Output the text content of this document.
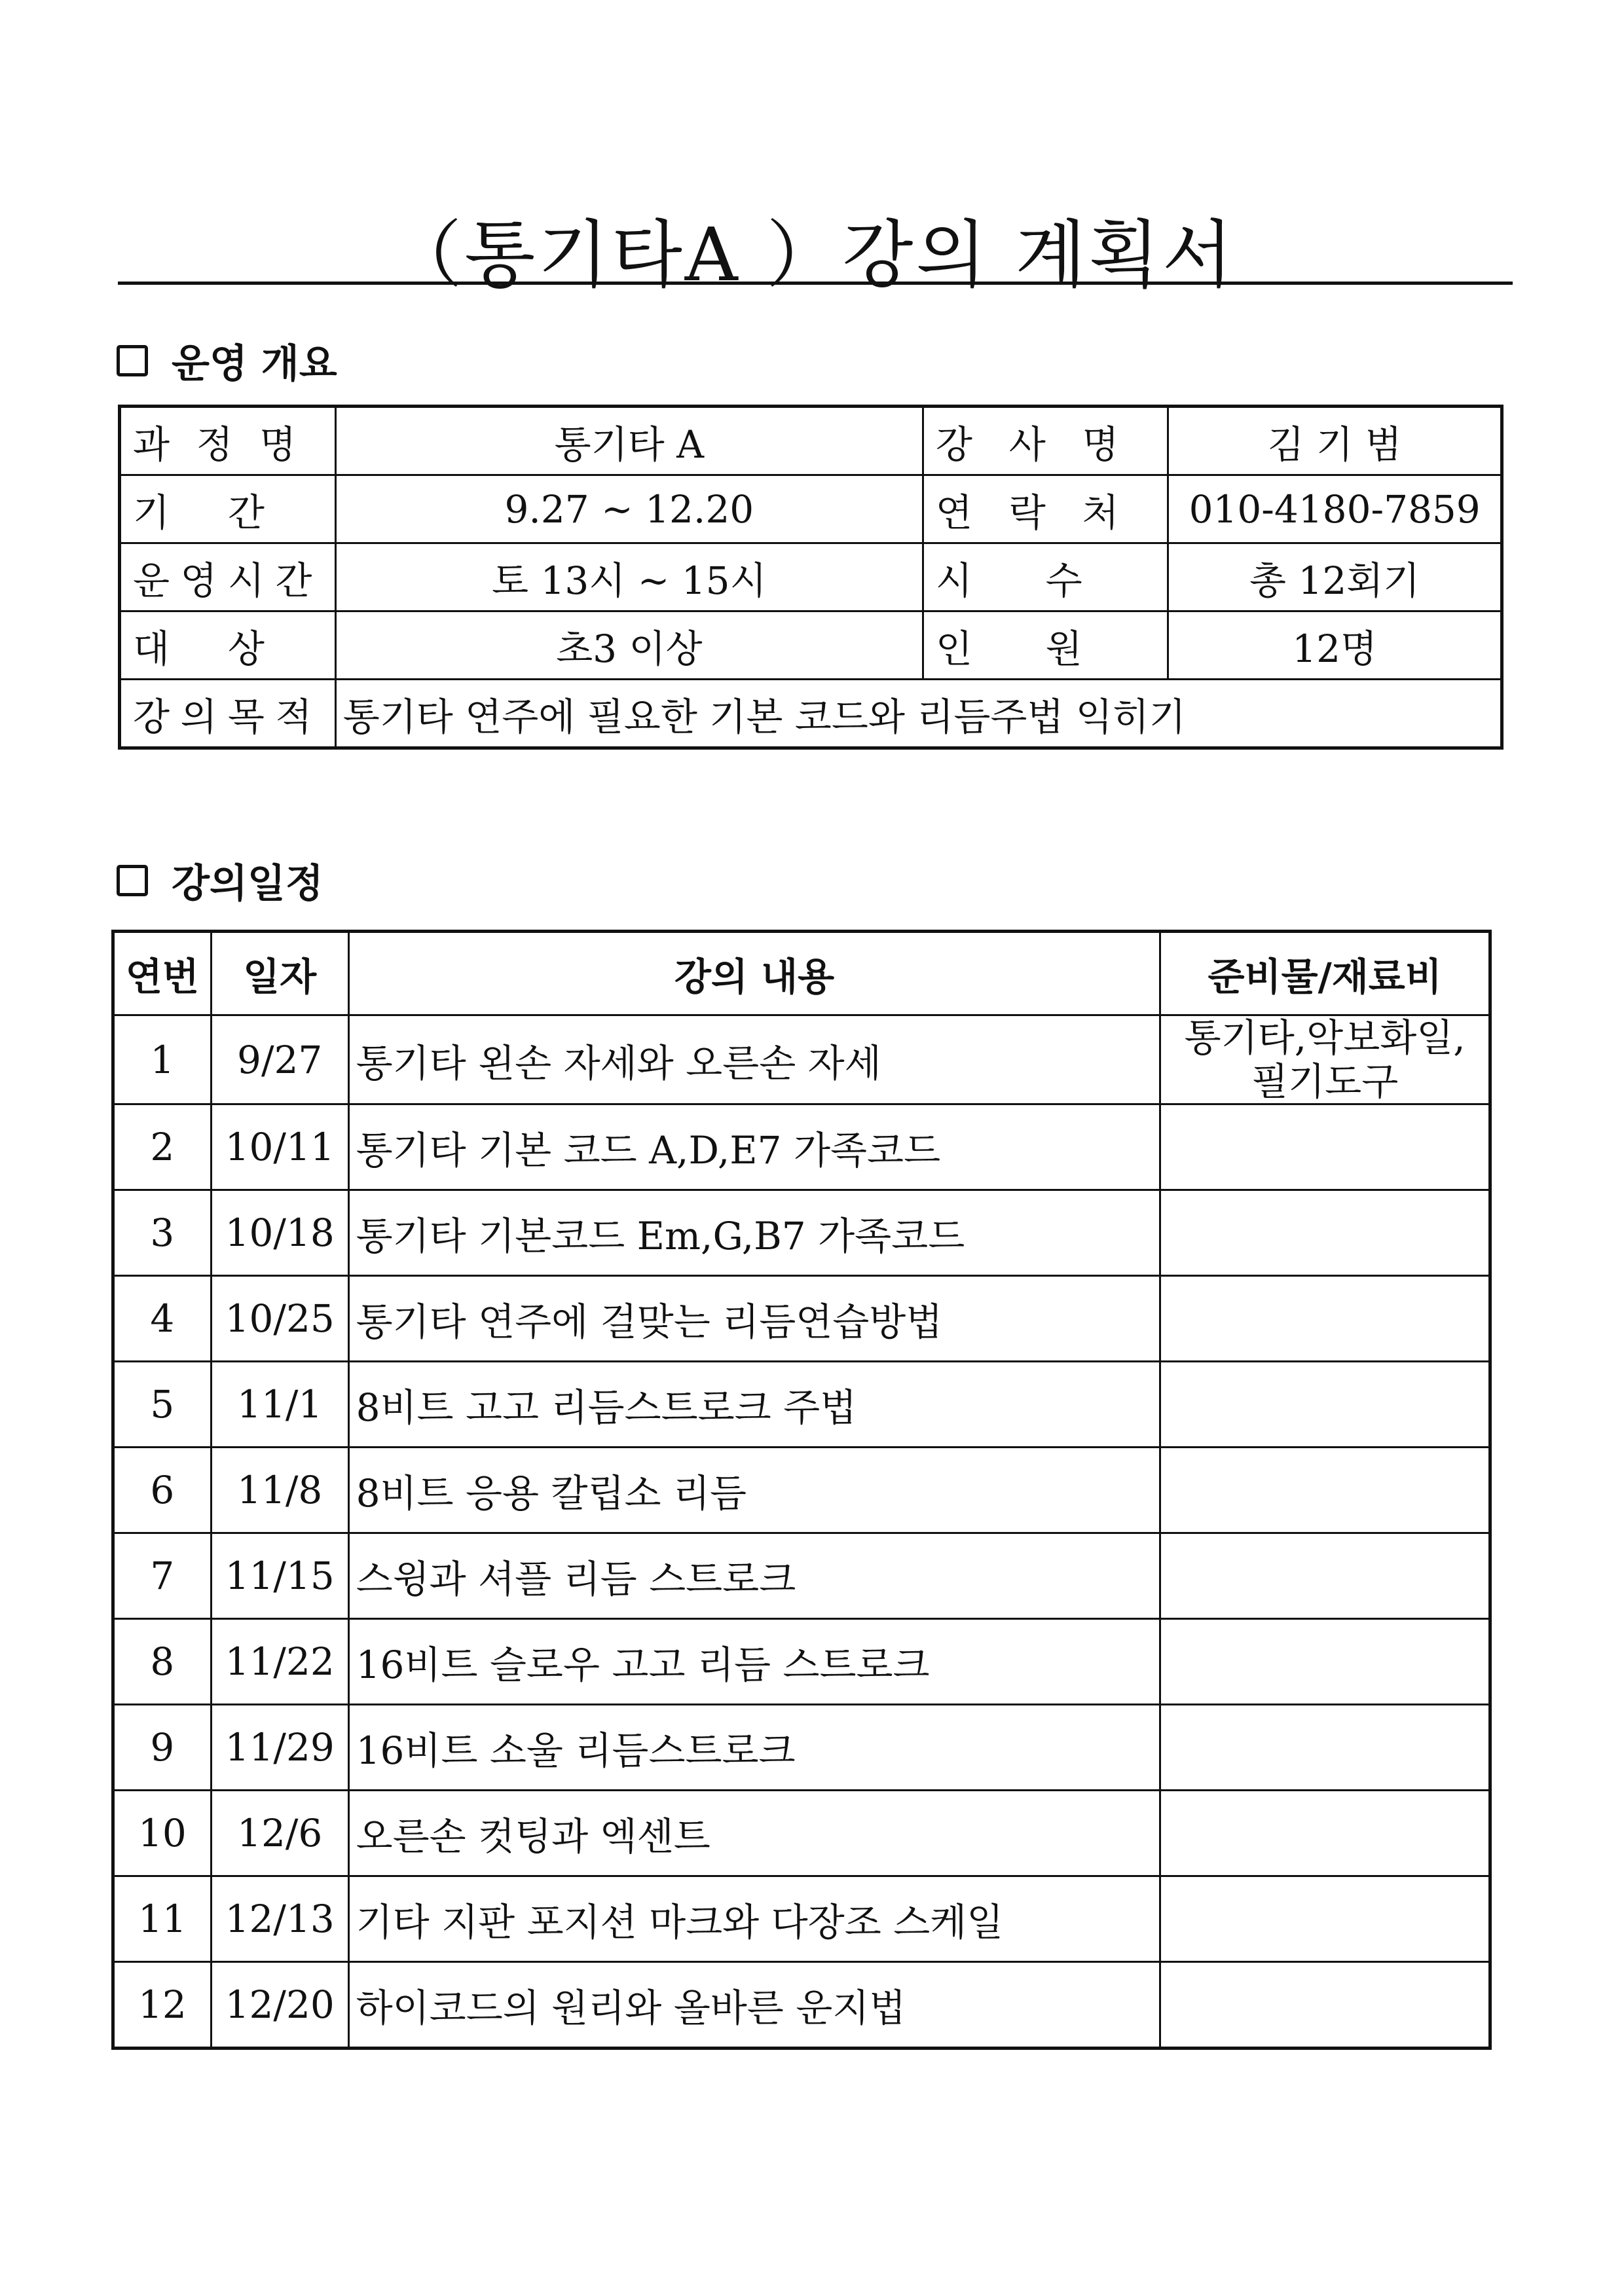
（통기타A ）강의 계획서
운영 개요
과 정 명	통기타 A	강 사 명	김 기 범

기 간	9.27 ~ 12.20	연 락 처	010-4180-7859

운 영 시 간	토 13시 ~ 15시	시 수	총 12회기

대 상	초3 이상	인 원	12명

강 의 목 적	통기타 연주에 필요한 기본 코드와 리듬주법 익히기		
강의일정
연번	일자	강의 내용	준비물/재료비
1	9/27	통기타 왼손 자세와 오른손 자세	통기타,악보화일, 필기도구
2	10/11	통기타 기본 코드 A,D,E7 가족코드	
3	10/18	통기타 기본코드 Em,G,B7 가족코드	
4	10/25	통기타 연주에 걸맞는 리듬연습방법	
5	11/1	8비트 고고 리듬스트로크 주법	
6	11/8	8비트 응용 칼립소 리듬	
7	11/15	스윙과 셔플 리듬 스트로크	
8	11/22	16비트 슬로우 고고 리듬 스트로크	
9	11/29	16비트 소울 리듬스트로크	
10	12/6	오른손 컷팅과 엑센트	
11	12/13	기타 지판 포지션 마크와 다장조 스케일	
12	12/20	하이코드의 원리와 올바른 운지법	
